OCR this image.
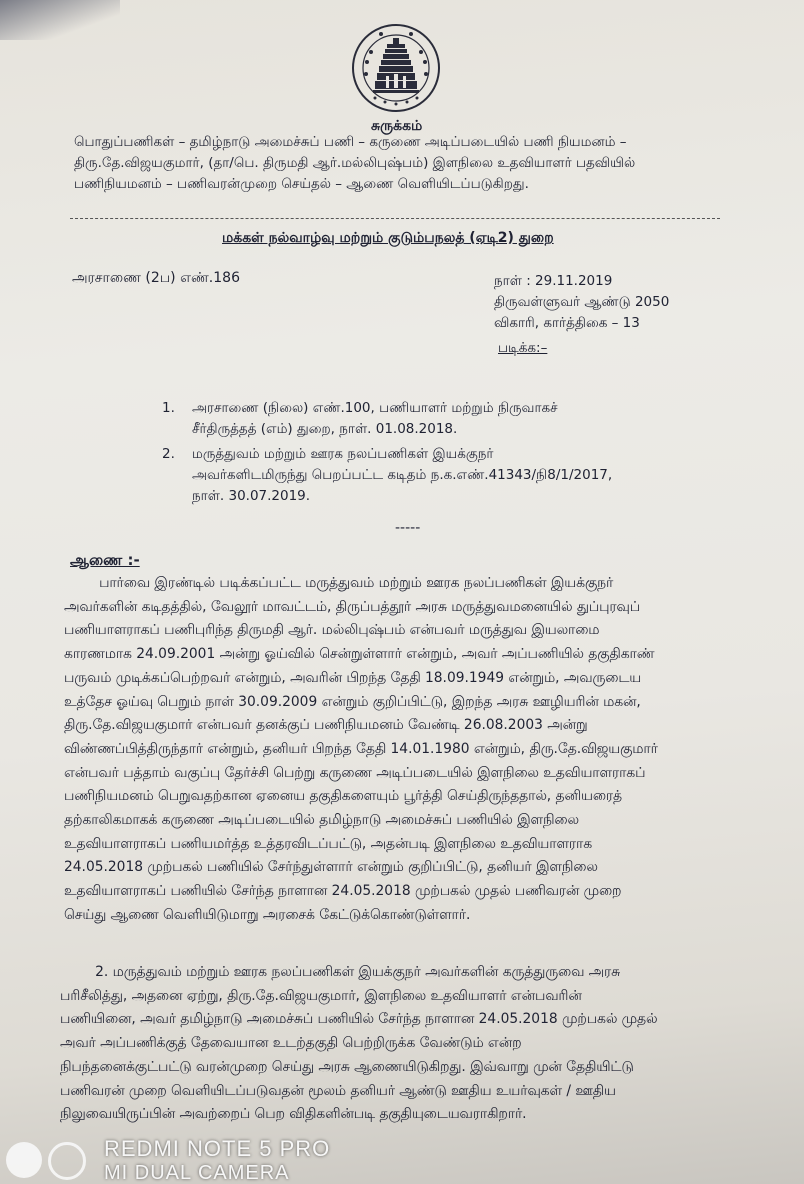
சுருக்கம்
பொதுப்பணிகள் – தமிழ்நாடு அமைச்சுப் பணி – கருணை அடிப்படையில் பணி நியமனம் –
திரு.தே.விஜயகுமார், (தா/பெ. திருமதி ஆர்.மல்லிபுஷ்பம்) இளநிலை உதவியாளர் பதவியில்
பணிநியமனம் – பணிவரன்முறை செய்தல் – ஆணை வெளியிடப்படுகிறது.
மக்கள் நல்வாழ்வு மற்றும் குடும்பநலத் (ஏடி2) துறை
அரசாணை (2ப) எண்.186	நாள் : 29.11.2019
திருவள்ளுவர் ஆண்டு 2050
விகாரி, கார்த்திகை – 13
படிக்க:–
1. அரசாணை (நிலை) எண்.100, பணியாளர் மற்றும் நிருவாகச்
சீர்திருத்தத் (எம்) துறை, நாள். 01.08.2018.
2. மருத்துவம் மற்றும் ஊரக நலப்பணிகள் இயக்குநர்
அவர்களிடமிருந்து பெறப்பட்ட கடிதம் ந.க.எண்.41343/நி8/1/2017,
நாள். 30.07.2019.
-----
ஆணை :-
பார்வை இரண்டில் படிக்கப்பட்ட மருத்துவம் மற்றும் ஊரக நலப்பணிகள் இயக்குநர்
அவர்களின் கடிதத்தில், வேலூர் மாவட்டம், திருப்பத்தூர் அரசு மருத்துவமனையில் துப்புரவுப்
பணியாளராகப் பணிபுரிந்த திருமதி ஆர். மல்லிபுஷ்பம் என்பவர் மருத்துவ இயலாமை
காரணமாக 24.09.2001 அன்று ஓய்வில் சென்றுள்ளார் என்றும், அவர் அப்பணியில் தகுதிகாண்
பருவம் முடிக்கப்பெற்றவர் என்றும், அவரின் பிறந்த தேதி 18.09.1949 என்றும், அவருடைய
உத்தேச ஓய்வு பெறும் நாள் 30.09.2009 என்றும் குறிப்பிட்டு, இறந்த அரசு ஊழியரின் மகன்,
திரு.தே.விஜயகுமார் என்பவர் தனக்குப் பணிநியமனம் வேண்டி 26.08.2003 அன்று
விண்ணப்பித்திருந்தார் என்றும், தனியர் பிறந்த தேதி 14.01.1980 என்றும், திரு.தே.விஜயகுமார்
என்பவர் பத்தாம் வகுப்பு தேர்ச்சி பெற்று கருணை அடிப்படையில் இளநிலை உதவியாளராகப்
பணிநியமனம் பெறுவதற்கான ஏனைய தகுதிகளையும் பூர்த்தி செய்திருந்ததால், தனியரைத்
தற்காலிகமாகக் கருணை அடிப்படையில் தமிழ்நாடு அமைச்சுப் பணியில் இளநிலை
உதவியாளராகப் பணியமர்த்த உத்தரவிடப்பட்டு, அதன்படி இளநிலை உதவியாளராக
24.05.2018 முற்பகல் பணியில் சேர்ந்துள்ளார் என்றும் குறிப்பிட்டு, தனியர் இளநிலை
உதவியாளராகப் பணியில் சேர்ந்த நாளான 24.05.2018 முற்பகல் முதல் பணிவரன் முறை
செய்து ஆணை வெளியிடுமாறு அரசைக் கேட்டுக்கொண்டுள்ளார்.
2. மருத்துவம் மற்றும் ஊரக நலப்பணிகள் இயக்குநர் அவர்களின் கருத்துருவை அரசு
பரிசீலித்து, அதனை ஏற்று, திரு.தே.விஜயகுமார், இளநிலை உதவியாளர் என்பவரின்
பணியினை, அவர் தமிழ்நாடு அமைச்சுப் பணியில் சேர்ந்த நாளான 24.05.2018 முற்பகல் முதல்
அவர் அப்பணிக்குத் தேவையான உடற்தகுதி பெற்றிருக்க வேண்டும் என்ற
நிபந்தனைக்குட்பட்டு வரன்முறை செய்து அரசு ஆணையிடுகிறது. இவ்வாறு முன் தேதியிட்டு
பணிவரன் முறை வெளியிடப்படுவதன் மூலம் தனியர் ஆண்டு ஊதிய உயர்வுகள் / ஊதிய
நிலுவையிருப்பின் அவற்றைப் பெற விதிகளின்படி தகுதியுடையவராகிறார்.
REDMI NOTE 5 PRO
MI DUAL CAMERA
